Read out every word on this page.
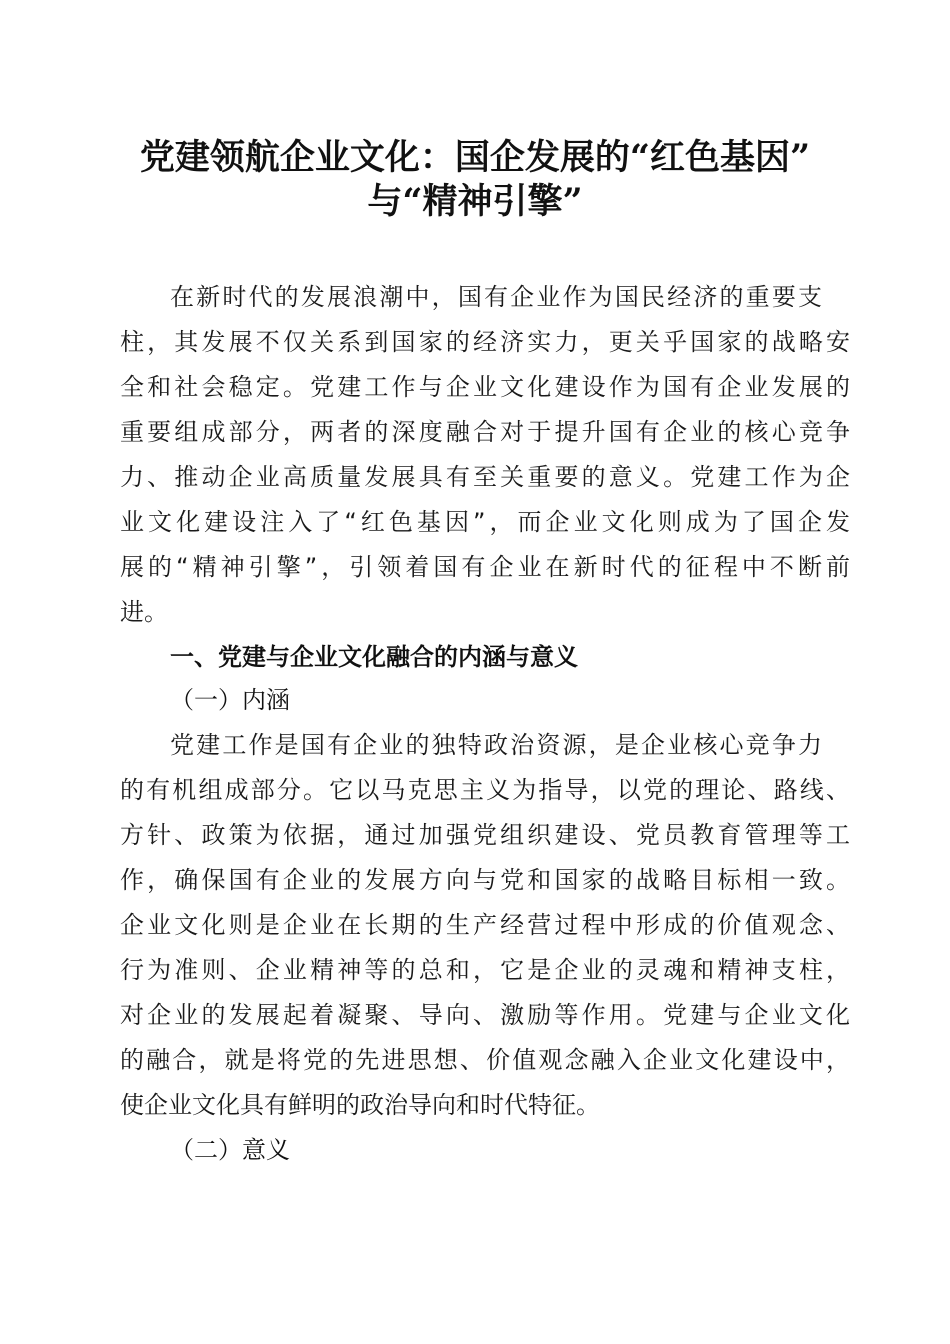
党建领航企业文化：国企发展的“红色基因”
与“精神引擎”
在新时代的发展浪潮中，国有企业作为国民经济的重要支
柱，其发展不仅关系到国家的经济实力，更关乎国家的战略安
全和社会稳定。党建工作与企业文化建设作为国有企业发展的
重要组成部分，两者的深度融合对于提升国有企业的核心竞争
力、推动企业高质量发展具有至关重要的意义。党建工作为企
业文化建设注入了“红色基因”，而企业文化则成为了国企发
展的“精神引擎”，引领着国有企业在新时代的征程中不断前
进。
一、党建与企业文化融合的内涵与意义
（一）内涵
党建工作是国有企业的独特政治资源，是企业核心竞争力
的有机组成部分。它以马克思主义为指导，以党的理论、路线、
方针、政策为依据，通过加强党组织建设、党员教育管理等工
作，确保国有企业的发展方向与党和国家的战略目标相一致。
企业文化则是企业在长期的生产经营过程中形成的价值观念、
行为准则、企业精神等的总和，它是企业的灵魂和精神支柱，
对企业的发展起着凝聚、导向、激励等作用。党建与企业文化
的融合，就是将党的先进思想、价值观念融入企业文化建设中，
使企业文化具有鲜明的政治导向和时代特征。
（二）意义
